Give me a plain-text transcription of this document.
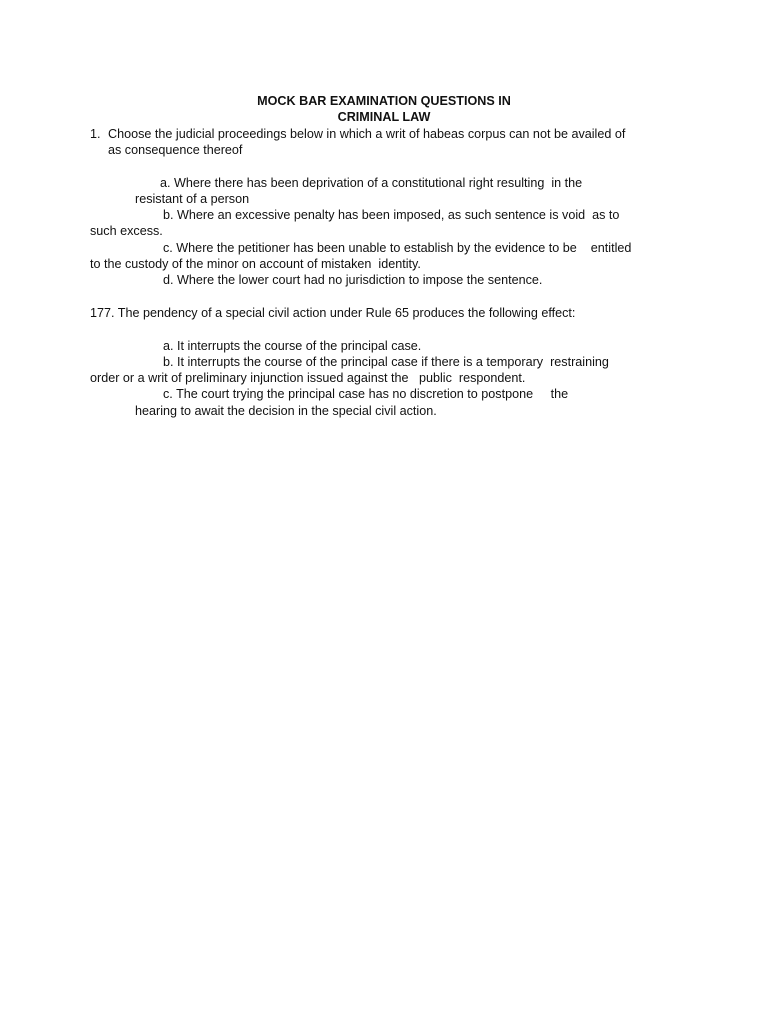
MOCK BAR EXAMINATION QUESTIONS IN

CRIMINAL LAW

1. Choose the judicial proceedings below in which a writ of habeas corpus can not be availed of

as consequence thereof

a. Where there has been deprivation of a constitutional right resulting  in the

resistant of a person

b. Where an excessive penalty has been imposed, as such sentence is void  as to

such excess.

c. Where the petitioner has been unable to establish by the evidence to be    entitled

to the custody of the minor on account of mistaken  identity.

d. Where the lower court had no jurisdiction to impose the sentence.

177. The pendency of a special civil action under Rule 65 produces the following effect:

a. It interrupts the course of the principal case.

b. It interrupts the course of the principal case if there is a temporary  restraining

order or a writ of preliminary injunction issued against the   public  respondent.

c. The court trying the principal case has no discretion to postpone     the

hearing to await the decision in the special civil action.
